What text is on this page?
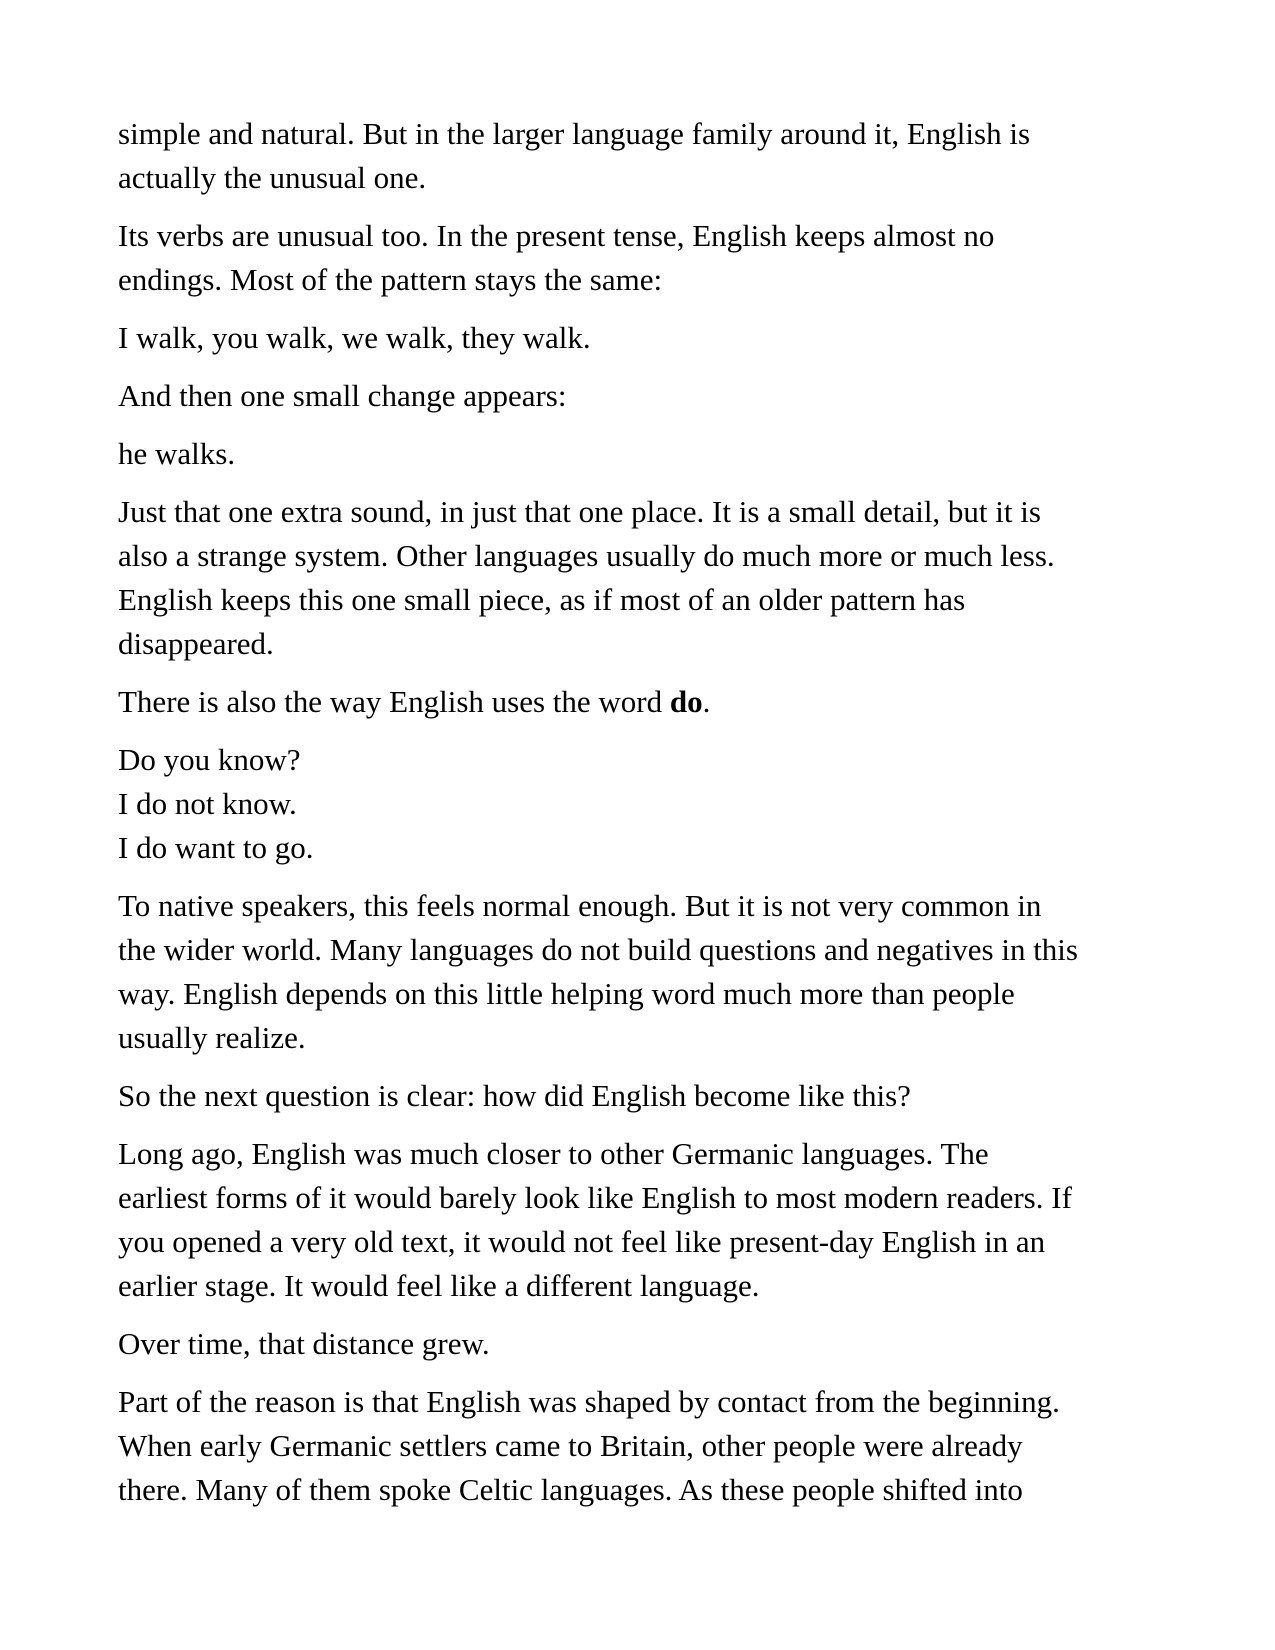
simple and natural. But in the larger language family around it, English is
actually the unusual one.

Its verbs are unusual too. In the present tense, English keeps almost no
endings. Most of the pattern stays the same:

I walk, you walk, we walk, they walk.

And then one small change appears:

he walks.

Just that one extra sound, in just that one place. It is a small detail, but it is
also a strange system. Other languages usually do much more or much less.
English keeps this one small piece, as if most of an older pattern has
disappeared.

There is also the way English uses the word do.

Do you know?
I do not know.
I do want to go.

To native speakers, this feels normal enough. But it is not very common in
the wider world. Many languages do not build questions and negatives in this
way. English depends on this little helping word much more than people
usually realize.

So the next question is clear: how did English become like this?

Long ago, English was much closer to other Germanic languages. The
earliest forms of it would barely look like English to most modern readers. If
you opened a very old text, it would not feel like present-day English in an
earlier stage. It would feel like a different language.

Over time, that distance grew.

Part of the reason is that English was shaped by contact from the beginning.
When early Germanic settlers came to Britain, other people were already
there. Many of them spoke Celtic languages. As these people shifted into
